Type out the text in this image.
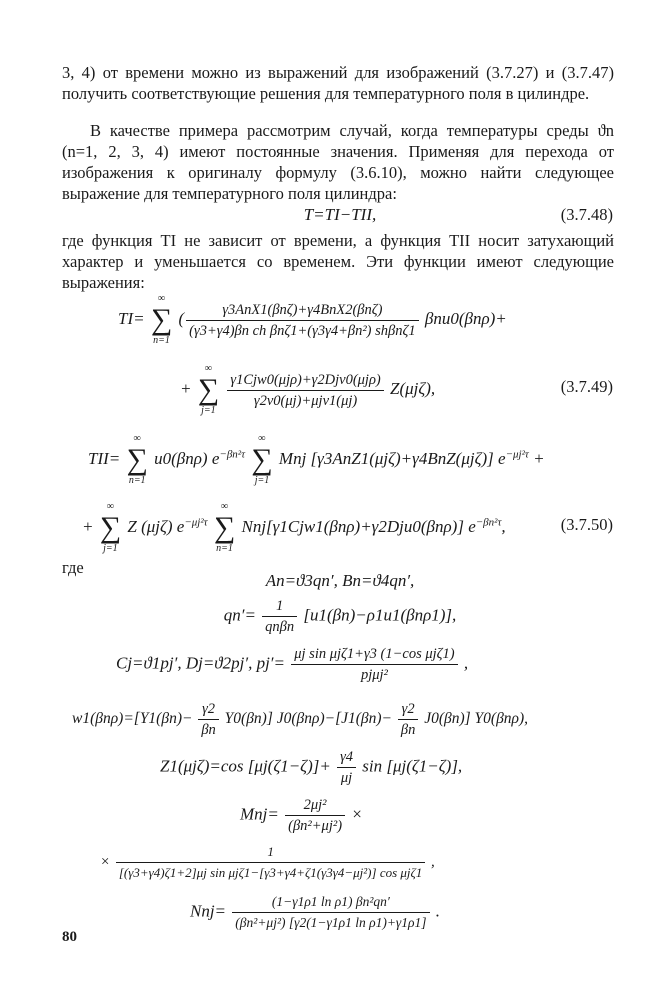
3, 4) от времени можно из выражений для изображений (3.7.27) и (3.7.47) получить соответствующие решения для температурного поля в цилиндре.

В качестве примера рассмотрим случай, когда температуры среды ϑn (n=1, 2, 3, 4) имеют постоянные значения. Применяя для перехода от изображения к оригиналу формулу (3.6.10), можно найти следующее выражение для температурного поля цилиндра:

T=TI−TII,	(3.7.48)

где функция TI не зависит от времени, а функция TII носит затухающий характер и уменьшается со временем. Эти функции имеют следующие выражения:

TI=
∞
∑
n=1
( $\frac{\text{γ3AnX1(βnζ)+γ4BnX2(βnζ)}}{\text{(γ3+γ4)βn ch βnζ1+(γ3γ4+βn²) shβnζ1}} \beta nu0(\beta n\rho)+$
+
∞
∑
j=1

$\frac{\text{γ1Cjw0(μjρ)+γ2Djv0(μjρ)}}{\text{γ2v0(μj)+μjv1(μj)}} Z(\mu j\zeta)$,	(3.7.49)
TII=
∞
∑
n=1
u0(βnρ) $e^{-\beta n^2\tau}$
∞
∑
j=1
Mnj [γ3AnZ1(μjζ)+γ4BnZ(μjζ)] $e^{-\mu j^2\tau}$ +
+
∞
∑
j=1
Z (μjζ) $e^{-\mu j^2\tau}$
∞
∑
n=1
Nnj[γ1Cjw1(βnρ)+γ2Dju0(βnρ)] $e^{-\beta n^2\tau}$,	(3.7.50)
где
An=ϑ3qn′, Bn=ϑ4qn′,
$qn'= \frac{1}{\text{qnβn}} [u1(\beta n)-\rho 1u1(\beta n\rho 1)]$,
Cj=ϑ1pj′, Dj=ϑ2pj′, $pj'= \frac{\text{μj sin μjζ1+γ3 (1−cos μjζ1)}}{\text{pjμj²}}$ ,
$w1(\beta n\rho)=[Y1(\beta n)- \frac{\gamma 2}{\beta n} Y0(\beta n)]$ $J0(\beta n\rho)-[J1(\beta n)- \frac{\gamma 2}{\beta n} J0(\beta n)]$ Y0(βnρ),
Z1(μjζ)=cos $[\mu j(\zeta 1-\zeta)]+ \frac{\gamma 4}{\mu j}$ sin [μj(ζ1−ζ)],
$Mnj= \frac{\text{2μj²}}{\text{(βn²+μj²)}}$ ×
× $\frac{1}{\text{[(γ3+γ4)ζ1+2]μj sin μjζ1−[γ3+γ4+ζ1(γ3γ4−μj²)] cos μjζ1}}$ ,
$Nnj= \frac{\text{(1−γ1ρ1 ln ρ1) βn²qn′}}{\text{(βn²+μj²) [γ2(1−γ1ρ1 ln ρ1)+γ1ρ1]}}$ .
80
